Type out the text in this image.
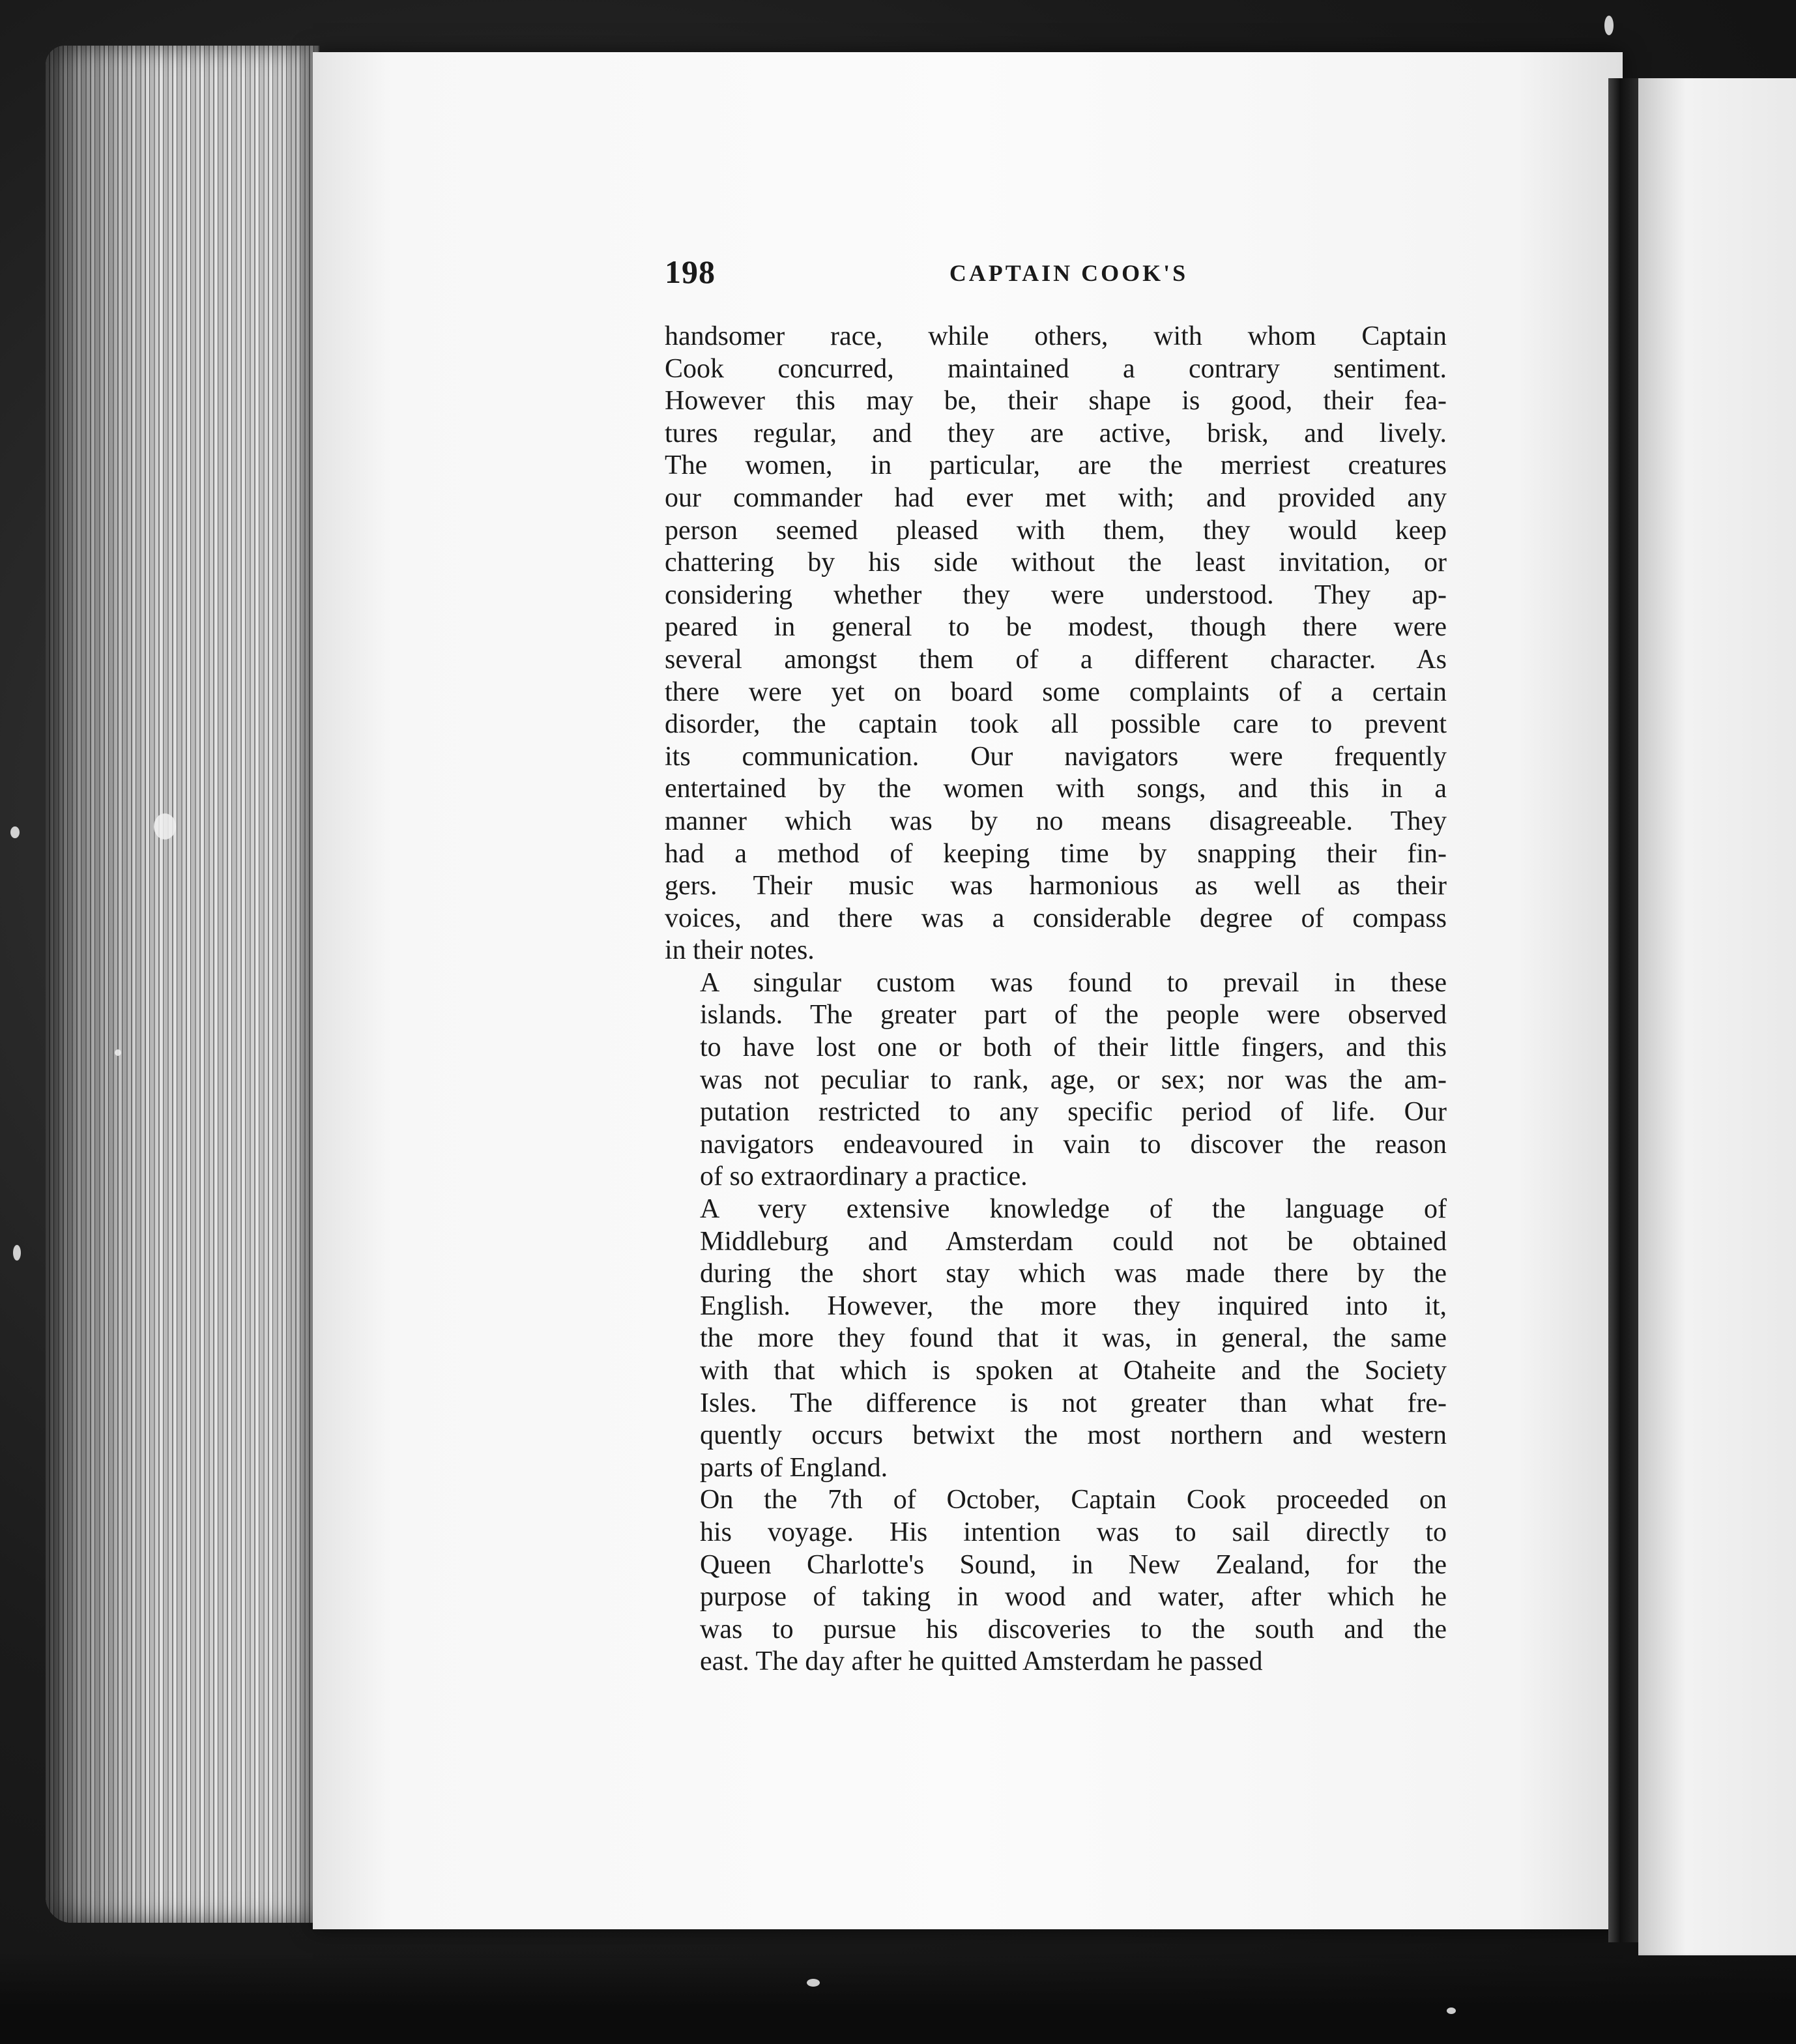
198	CAPTAIN COOK'S

handsomer race, while others, with whom Captain
Cook concurred, maintained a contrary sentiment.
However this may be, their shape is good, their fea-
tures regular, and they are active, brisk, and lively.
The women, in particular, are the merriest creatures
our commander had ever met with; and provided any
person seemed pleased with them, they would keep
chattering by his side without the least invitation, or
considering whether they were understood. They ap-
peared in general to be modest, though there were
several amongst them of a different character. As
there were yet on board some complaints of a certain
disorder, the captain took all possible care to prevent
its communication. Our navigators were frequently
entertained by the women with songs, and this in a
manner which was by no means disagreeable. They
had a method of keeping time by snapping their fin-
gers. Their music was harmonious as well as their
voices, and there was a considerable degree of compass
in their notes.

A singular custom was found to prevail in these
islands. The greater part of the people were observed
to have lost one or both of their little fingers, and this
was not peculiar to rank, age, or sex; nor was the am-
putation restricted to any specific period of life. Our
navigators endeavoured in vain to discover the reason
of so extraordinary a practice.

A very extensive knowledge of the language of
Middleburg and Amsterdam could not be obtained
during the short stay which was made there by the
English. However, the more they inquired into it,
the more they found that it was, in general, the same
with that which is spoken at Otaheite and the Society
Isles. The difference is not greater than what fre-
quently occurs betwixt the most northern and western
parts of England.

On the 7th of October, Captain Cook proceeded on
his voyage. His intention was to sail directly to
Queen Charlotte's Sound, in New Zealand, for the
purpose of taking in wood and water, after which he
was to pursue his discoveries to the south and the
east. The day after he quitted Amsterdam he passed
